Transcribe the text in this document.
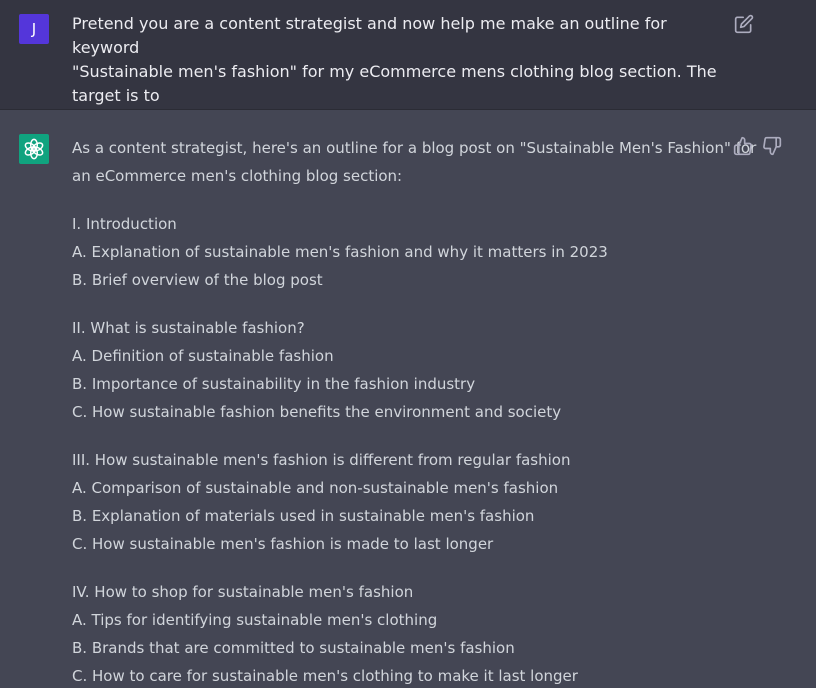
J	Pretend you are a content strategist and now help me make an outline for keyword
"Sustainable men's fashion" for my eCommerce mens clothing blog section. The target is to

As a content strategist, here's an outline for a blog post on "Sustainable Men's Fashion" for
an eCommerce men's clothing blog section:
I. Introduction
A. Explanation of sustainable men's fashion and why it matters in 2023
B. Brief overview of the blog post
II. What is sustainable fashion?
A. Definition of sustainable fashion
B. Importance of sustainability in the fashion industry
C. How sustainable fashion benefits the environment and society
III. How sustainable men's fashion is different from regular fashion
A. Comparison of sustainable and non-sustainable men's fashion
B. Explanation of materials used in sustainable men's fashion
C. How sustainable men's fashion is made to last longer
IV. How to shop for sustainable men's fashion
A. Tips for identifying sustainable men's clothing
B. Brands that are committed to sustainable men's fashion
C. How to care for sustainable men's clothing to make it last longer
